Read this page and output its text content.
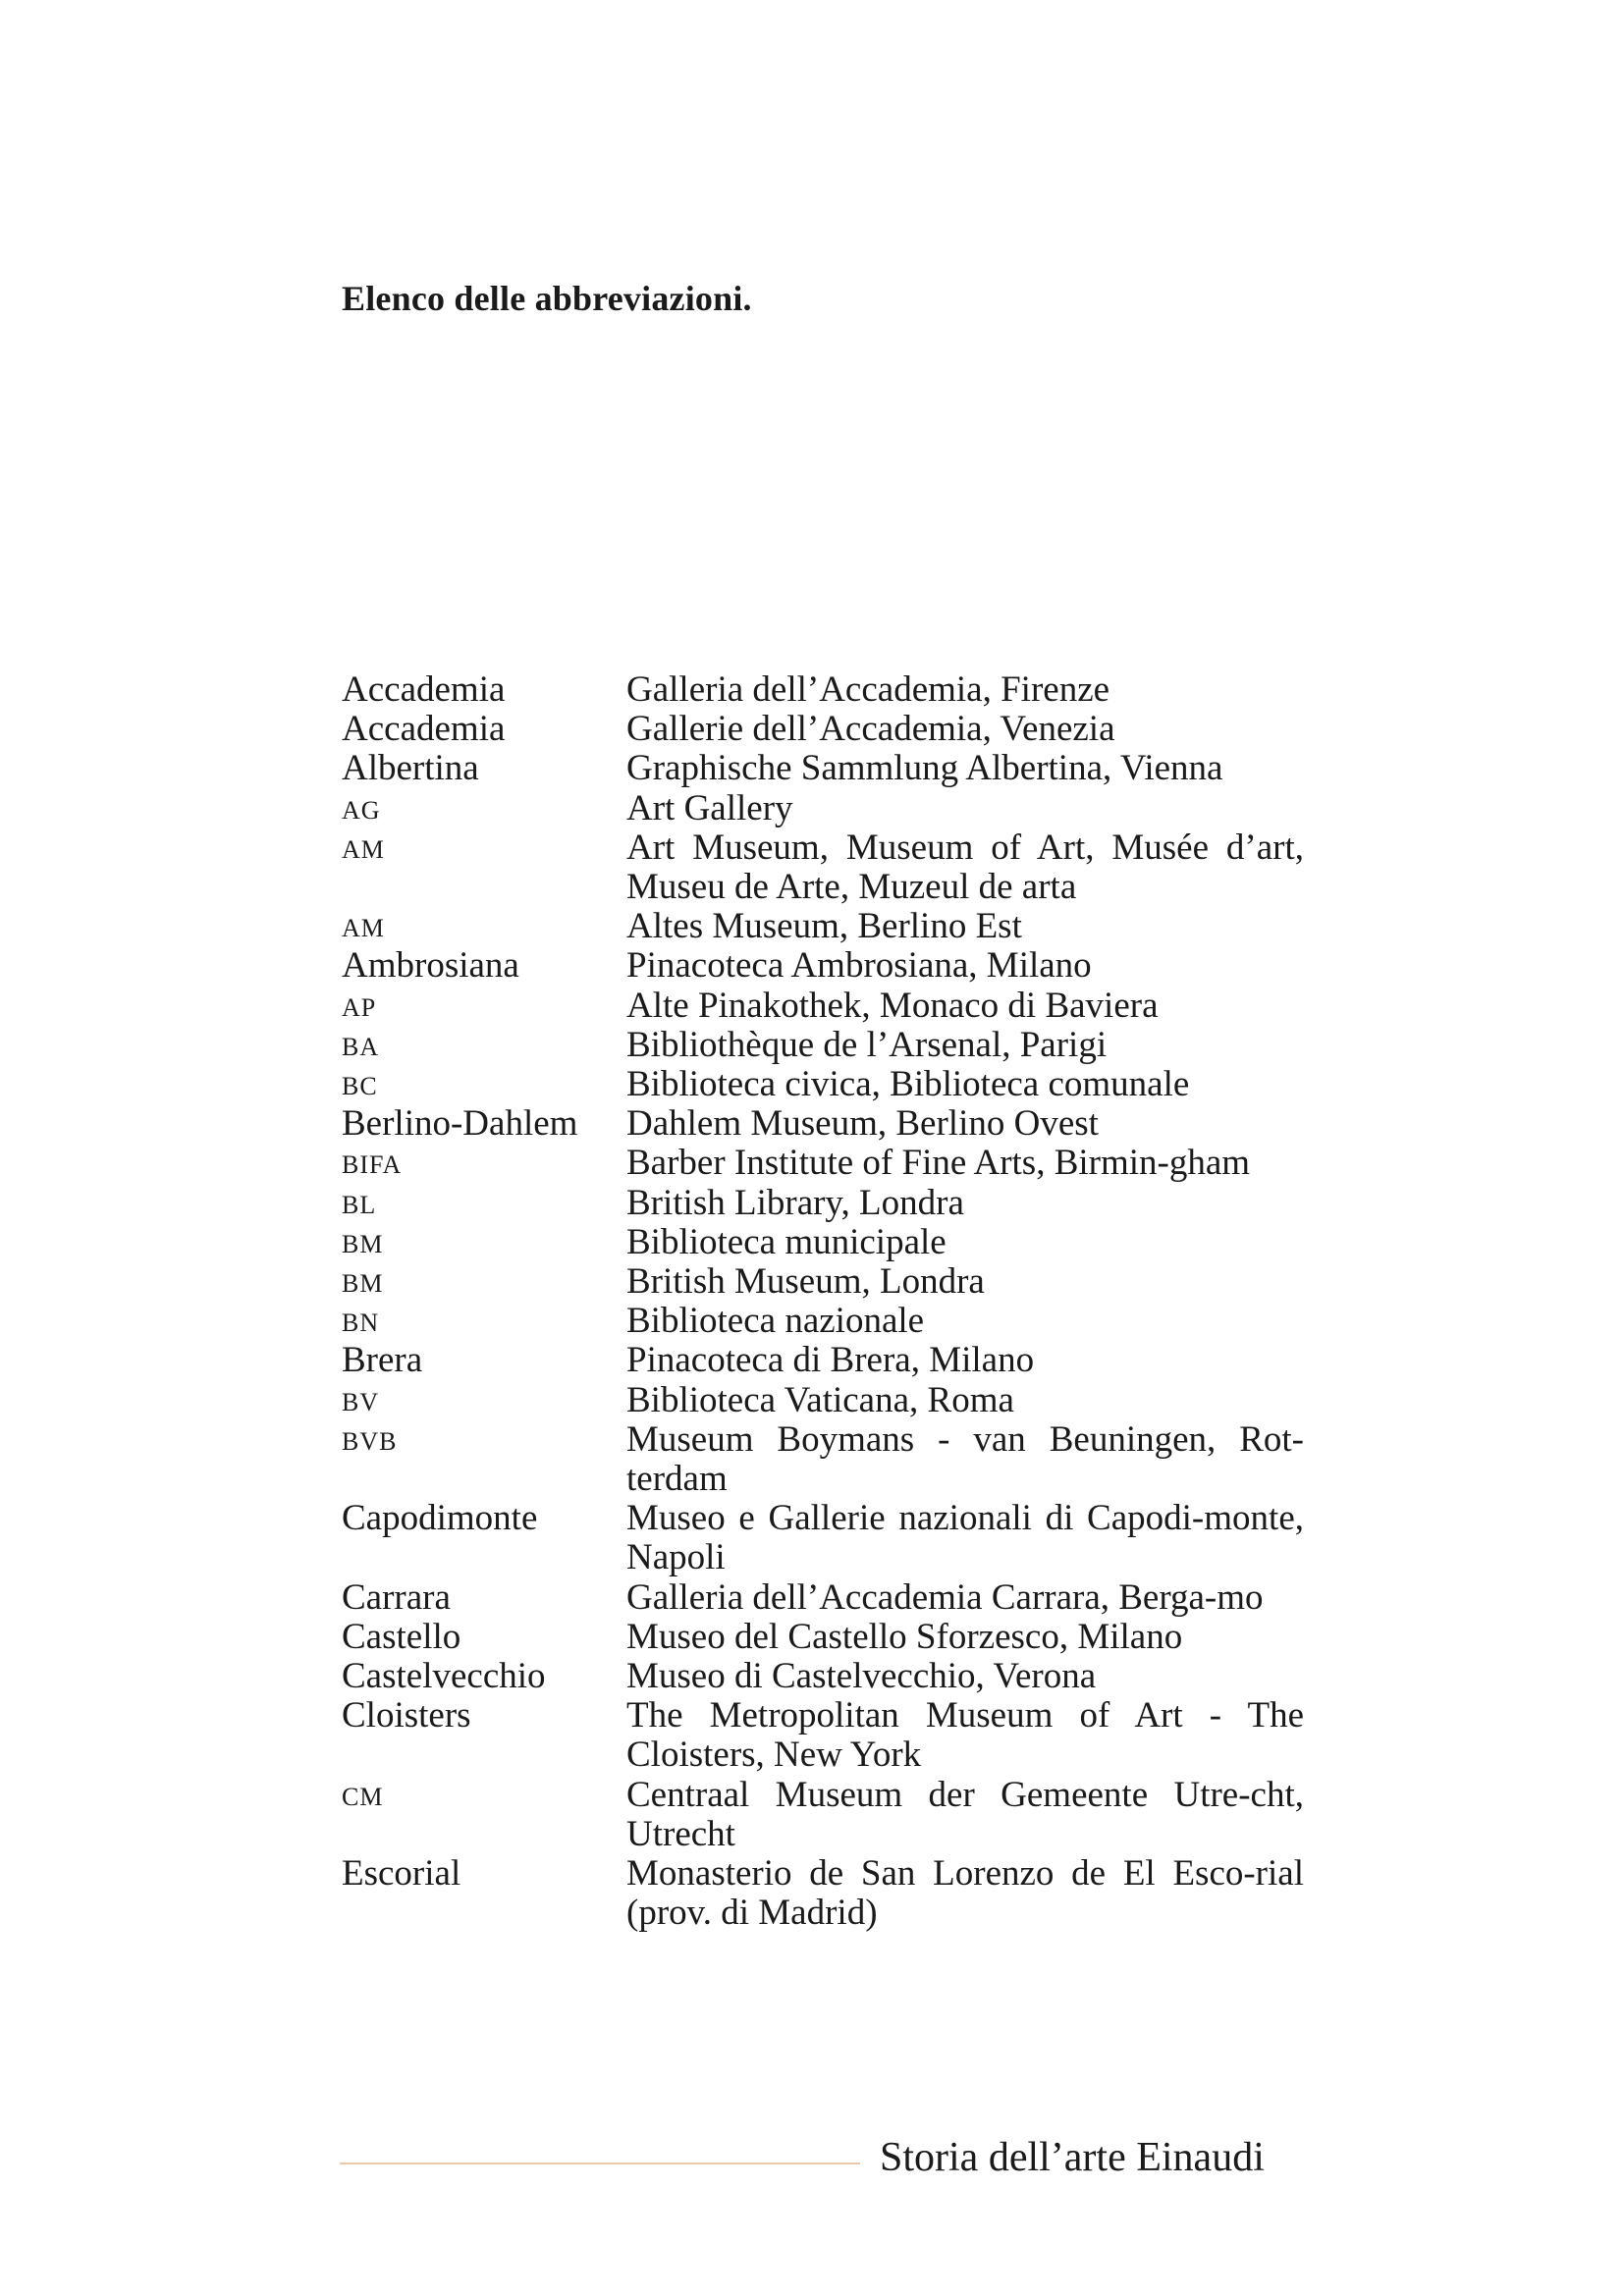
Elenco delle abbreviazioni.
Accademia	Galleria dell’Accademia, Firenze
Accademia	Gallerie dell’Accademia, Venezia
Albertina	Graphische Sammlung Albertina, Vienna
AG	Art Gallery
AM	Art Museum, Museum of Art, Musée d’art, Museu de Arte, Muzeul de arta
AM	Altes Museum, Berlino Est
Ambrosiana	Pinacoteca Ambrosiana, Milano
AP	Alte Pinakothek, Monaco di Baviera
BA	Bibliothèque de l’Arsenal, Parigi
BC	Biblioteca civica, Biblioteca comunale
Berlino-Dahlem	Dahlem Museum, Berlino Ovest
BIFA	Barber Institute of Fine Arts, Birmin-gham
BL	British Library, Londra
BM	Biblioteca municipale
BM	British Museum, Londra
BN	Biblioteca nazionale
Brera	Pinacoteca di Brera, Milano
BV	Biblioteca Vaticana, Roma
BVB	Museum Boymans - van Beuningen, Rot-terdam
Capodimonte	Museo e Gallerie nazionali di Capodi-monte, Napoli
Carrara	Galleria dell’Accademia Carrara, Berga-mo
Castello	Museo del Castello Sforzesco, Milano
Castelvecchio	Museo di Castelvecchio, Verona
Cloisters	The Metropolitan Museum of Art - The Cloisters, New York
CM	Centraal Museum der Gemeente Utre-cht, Utrecht
Escorial	Monasterio de San Lorenzo de El Esco-rial (prov. di Madrid)
Storia dell’arte Einaudi
